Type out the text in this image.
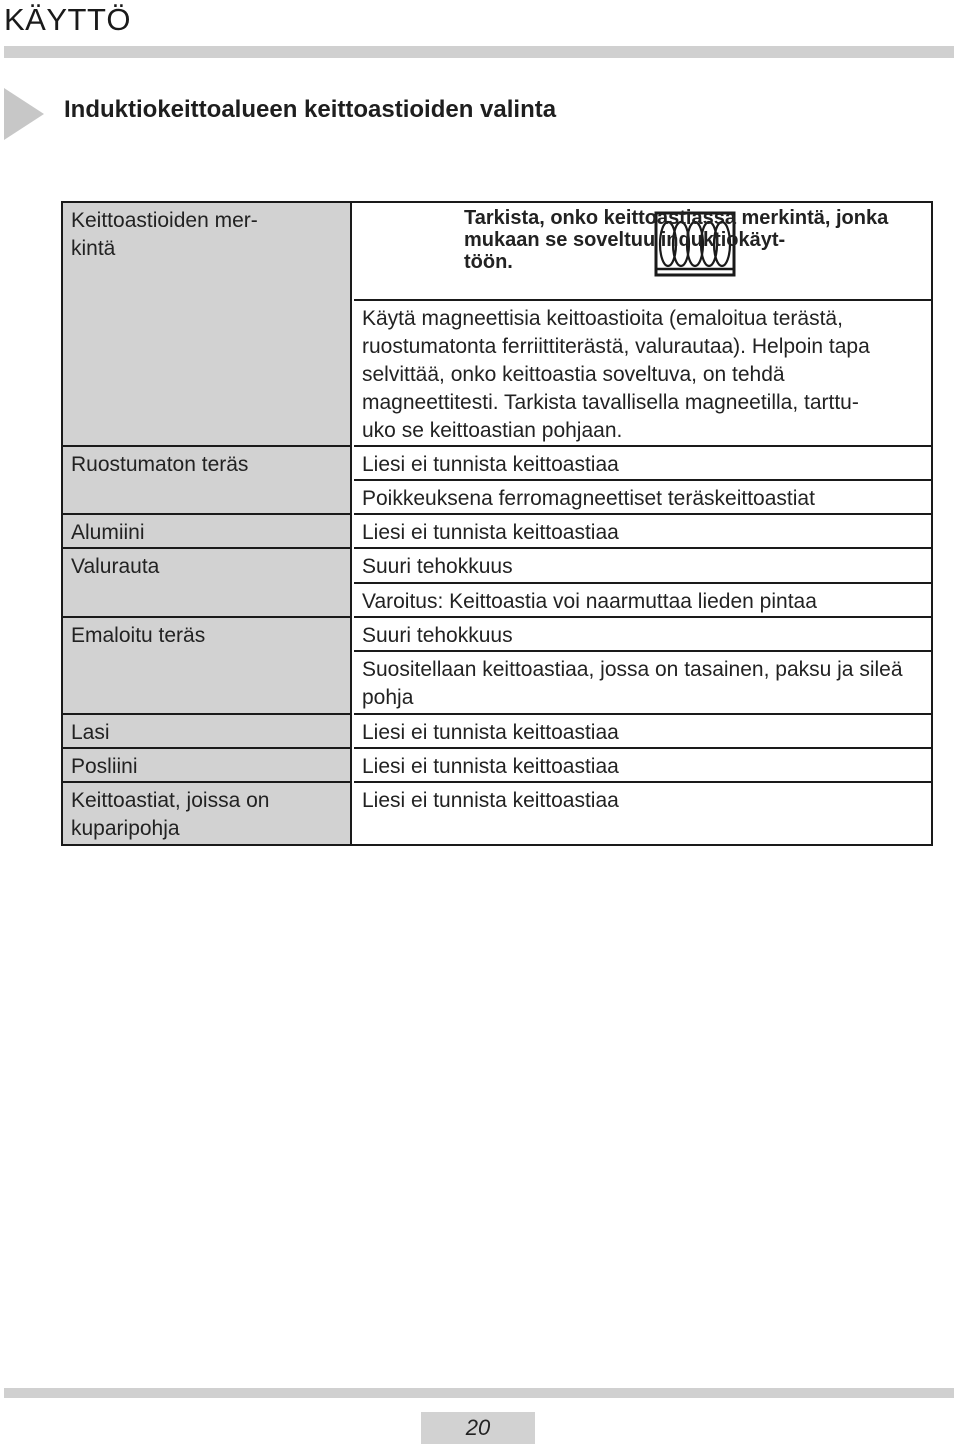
KÄYTTÖ
Induktiokeittoalueen keittoastioiden valinta
Keittoastioiden mer-
kintä
Ruostumaton teräs
Alumiini
Valurauta
Emaloitu teräs
Lasi
Posliini
Keittoastiat, joissa on kuparipohja
Tarkista, onko keittoastiassa merkintä, jonka mukaan se soveltuu induktiokäyt-
töön.
Käytä magneettisia keittoastioita (emaloitua terästä, ruostumatonta ferriittiterästä, valurautaa). Helpoin tapa selvittää, onko keittoastia soveltuva, on tehdä magneettitesti. Tarkista tavallisella magneetilla, tarttu-
uko se keittoastian pohjaan.
Liesi ei tunnista keittoastiaa
Poikkeuksena ferromagneettiset teräskeittoastiat
Liesi ei tunnista keittoastiaa
Suuri tehokkuus
Varoitus: Keittoastia voi naarmuttaa lieden pintaa
Suuri tehokkuus
Suositellaan keittoastiaa, jossa on tasainen, paksu ja sileä pohja
Liesi ei tunnista keittoastiaa
Liesi ei tunnista keittoastiaa
Liesi ei tunnista keittoastiaa
20
